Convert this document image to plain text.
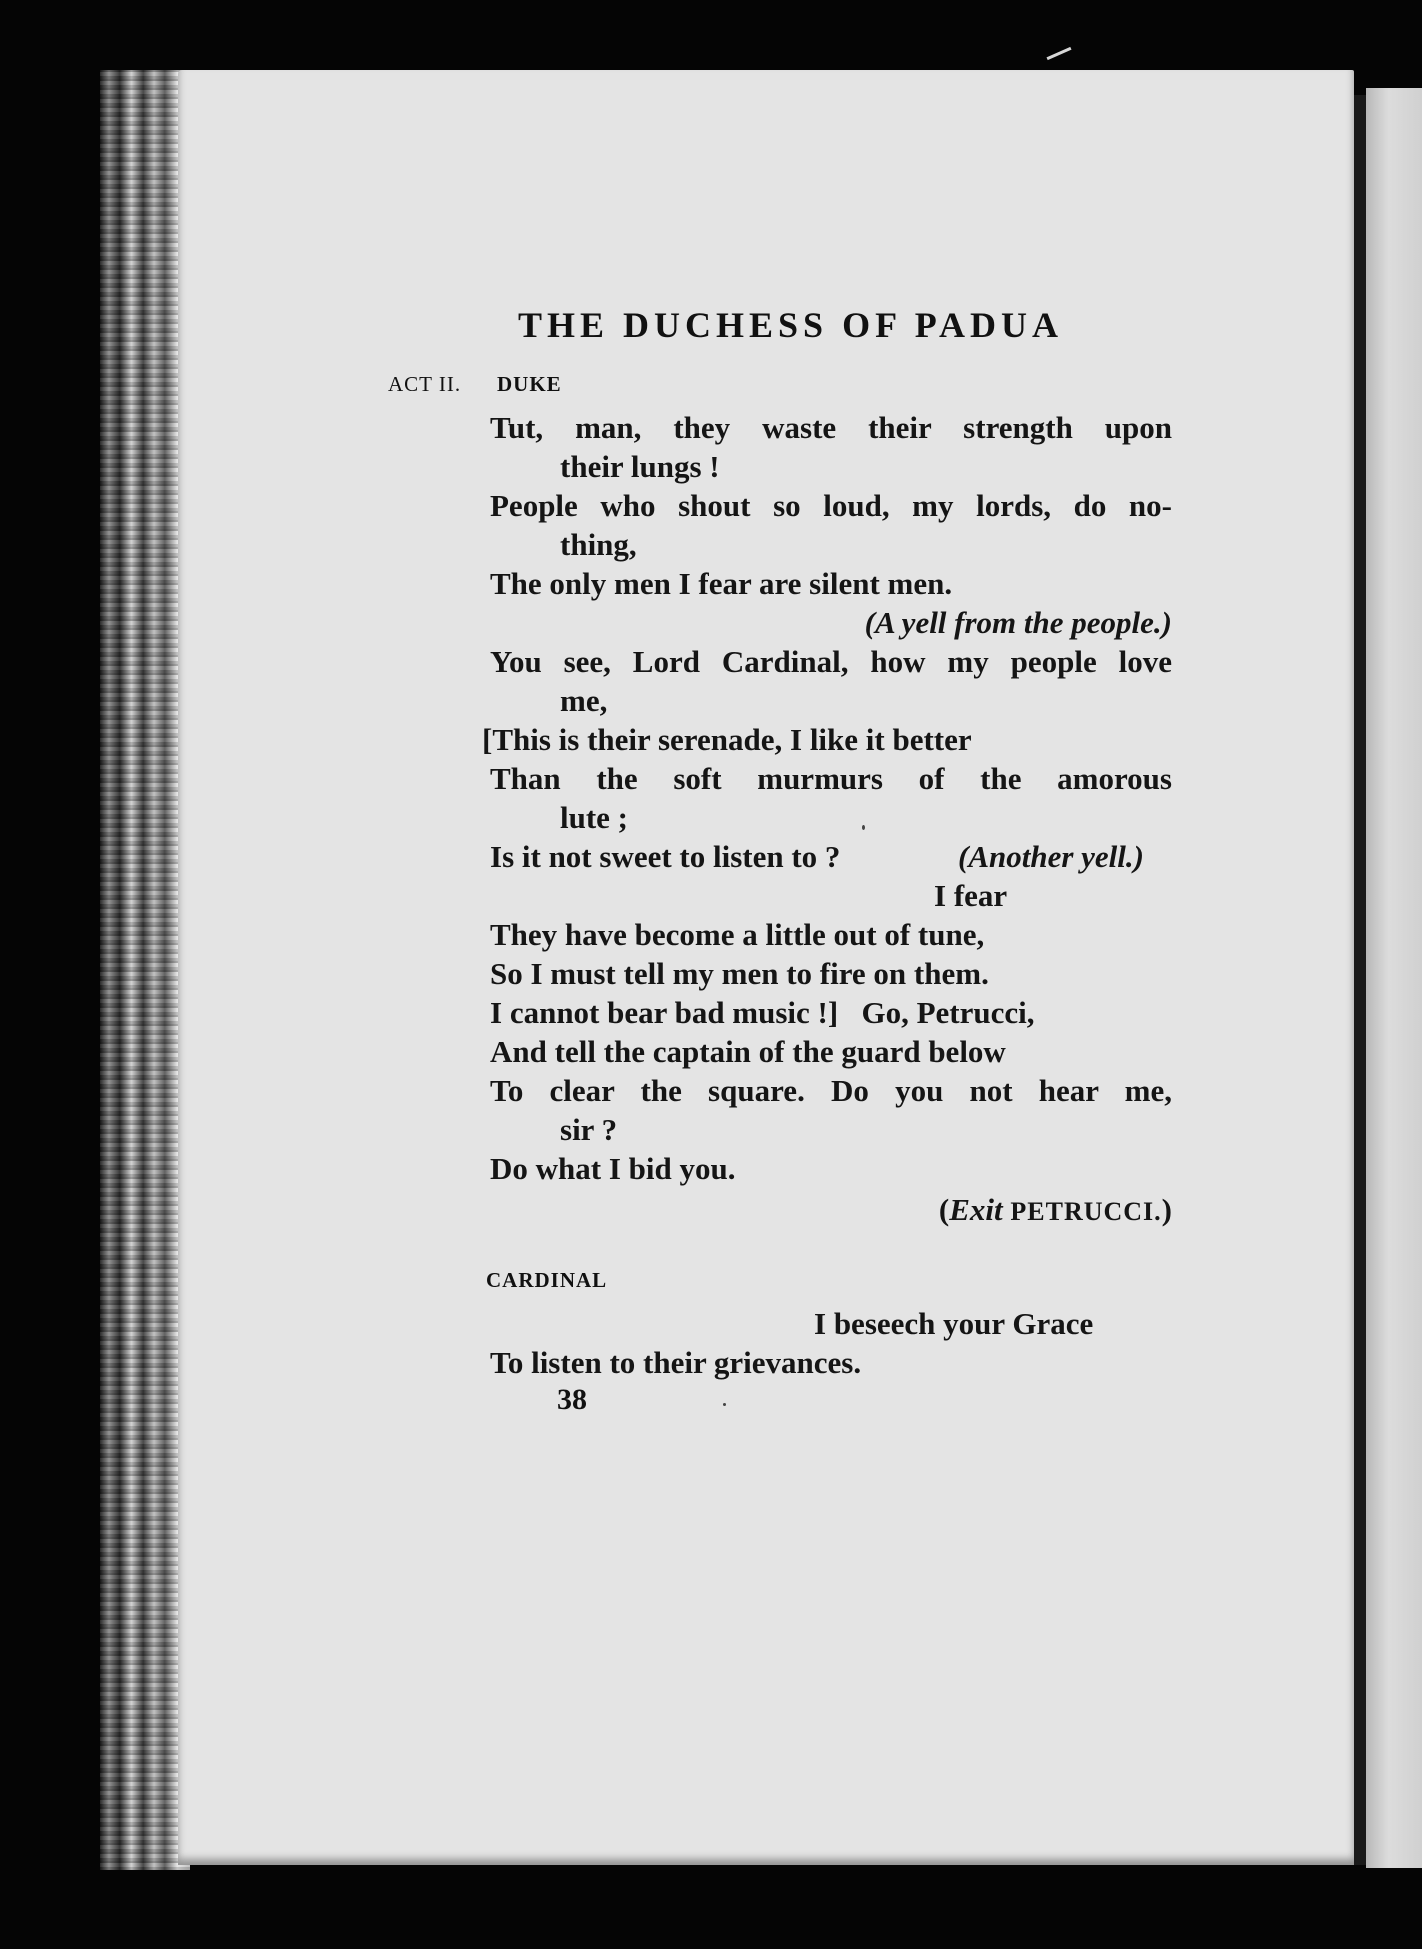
THE DUCHESS OF PADUA
ACT II. DUKE
Tut, man, they waste their strength upon
their lungs !
People who shout so loud, my lords, do no-
thing,
The only men I fear are silent men.
(A yell from the people.)
You see, Lord Cardinal, how my people love
me,
[This is their serenade, I like it better
Than the soft murmurs of the amorous
lute ;
Is it not sweet to listen to ?	(Another yell.)
I fear
They have become a little out of tune,
So I must tell my men to fire on them.
I cannot bear bad music !]   Go, Petrucci,
And tell the captain of the guard below
To clear the square. Do you not hear me,
sir ?
Do what I bid you.
(Exit PETRUCCI.)
CARDINAL
I beseech your Grace
To listen to their grievances.
38
